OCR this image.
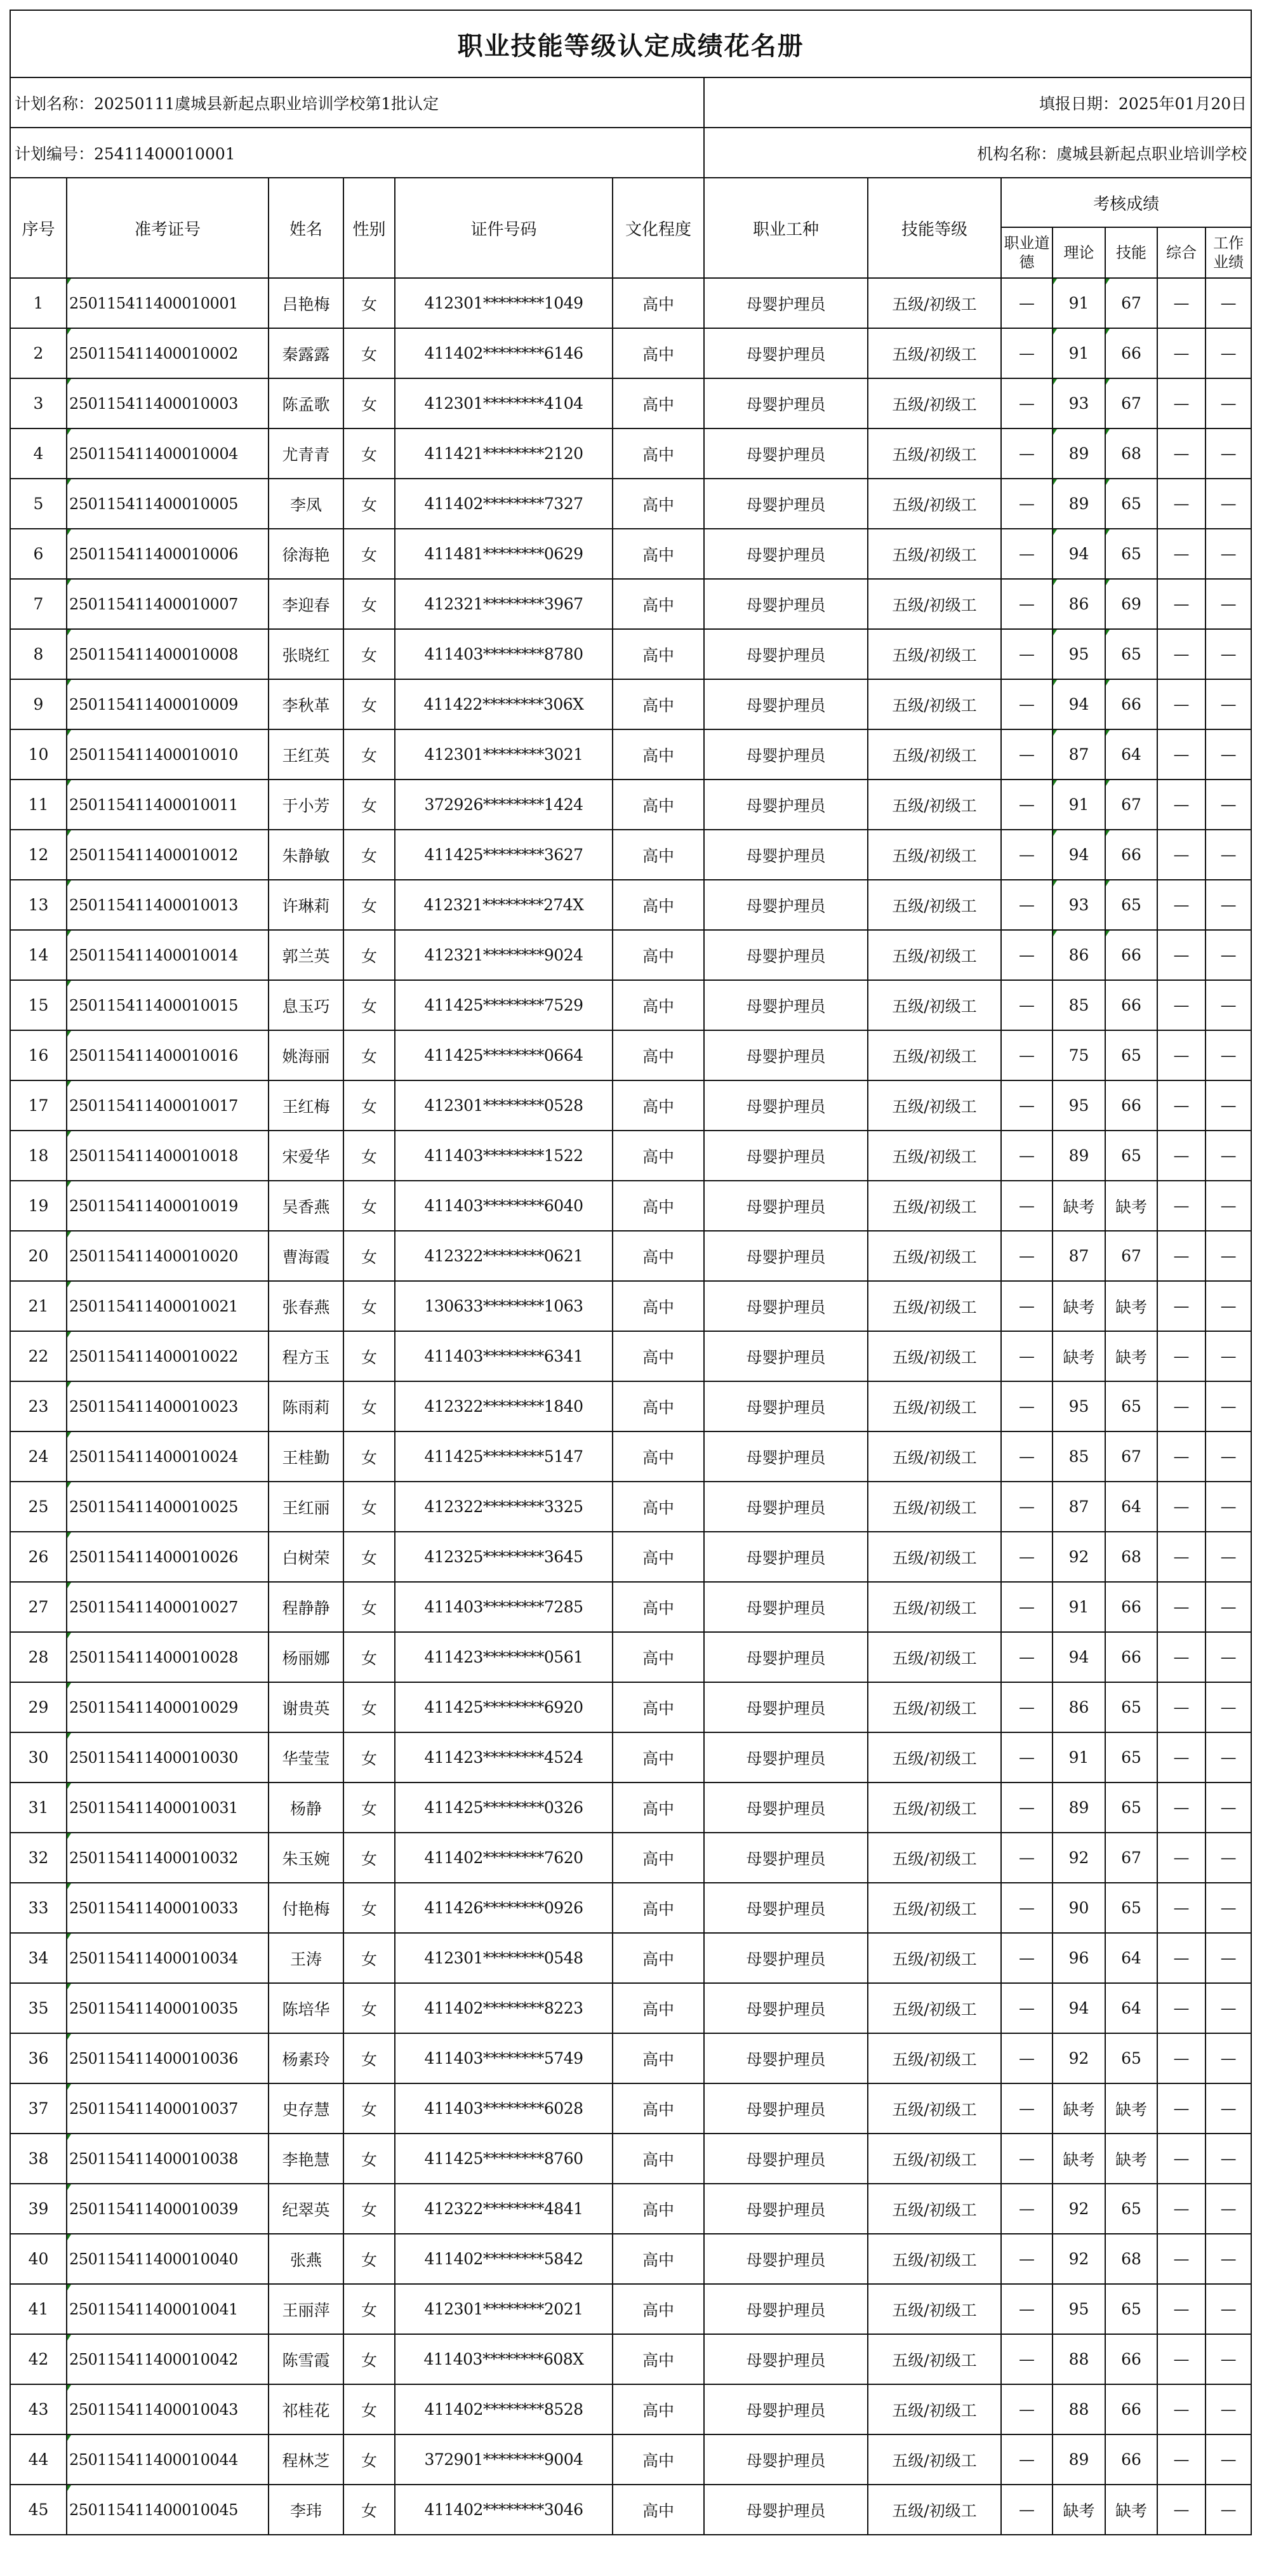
职业技能等级认定成绩花名册												
计划名称：20250111虞城县新起点职业培训学校第1批认定						填报日期：2025年01月20日						
计划编号：25411400010001						机构名称：虞城县新起点职业培训学校						
序号	准考证号	姓名	性别	证件号码	文化程度	职业工种	技能等级	考核成绩				
								职业道德	理论	技能	综合	工作业绩
1	250115411400010001	吕艳梅	女	412301********1049	高中	母婴护理员	五级/初级工	—	91	67	—	—
2	250115411400010002	秦露露	女	411402********6146	高中	母婴护理员	五级/初级工	—	91	66	—	—
3	250115411400010003	陈孟歌	女	412301********4104	高中	母婴护理员	五级/初级工	—	93	67	—	—
4	250115411400010004	尤青青	女	411421********2120	高中	母婴护理员	五级/初级工	—	89	68	—	—
5	250115411400010005	李凤	女	411402********7327	高中	母婴护理员	五级/初级工	—	89	65	—	—
6	250115411400010006	徐海艳	女	411481********0629	高中	母婴护理员	五级/初级工	—	94	65	—	—
7	250115411400010007	李迎春	女	412321********3967	高中	母婴护理员	五级/初级工	—	86	69	—	—
8	250115411400010008	张晓红	女	411403********8780	高中	母婴护理员	五级/初级工	—	95	65	—	—
9	250115411400010009	李秋革	女	411422********306X	高中	母婴护理员	五级/初级工	—	94	66	—	—
10	250115411400010010	王红英	女	412301********3021	高中	母婴护理员	五级/初级工	—	87	64	—	—
11	250115411400010011	于小芳	女	372926********1424	高中	母婴护理员	五级/初级工	—	91	67	—	—
12	250115411400010012	朱静敏	女	411425********3627	高中	母婴护理员	五级/初级工	—	94	66	—	—
13	250115411400010013	许琳莉	女	412321********274X	高中	母婴护理员	五级/初级工	—	93	65	—	—
14	250115411400010014	郭兰英	女	412321********9024	高中	母婴护理员	五级/初级工	—	86	66	—	—
15	250115411400010015	息玉巧	女	411425********7529	高中	母婴护理员	五级/初级工	—	85	66	—	—
16	250115411400010016	姚海丽	女	411425********0664	高中	母婴护理员	五级/初级工	—	75	65	—	—
17	250115411400010017	王红梅	女	412301********0528	高中	母婴护理员	五级/初级工	—	95	66	—	—
18	250115411400010018	宋爱华	女	411403********1522	高中	母婴护理员	五级/初级工	—	89	65	—	—
19	250115411400010019	吴香燕	女	411403********6040	高中	母婴护理员	五级/初级工	—	缺考	缺考	—	—
20	250115411400010020	曹海霞	女	412322********0621	高中	母婴护理员	五级/初级工	—	87	67	—	—
21	250115411400010021	张春燕	女	130633********1063	高中	母婴护理员	五级/初级工	—	缺考	缺考	—	—
22	250115411400010022	程方玉	女	411403********6341	高中	母婴护理员	五级/初级工	—	缺考	缺考	—	—
23	250115411400010023	陈雨莉	女	412322********1840	高中	母婴护理员	五级/初级工	—	95	65	—	—
24	250115411400010024	王桂勤	女	411425********5147	高中	母婴护理员	五级/初级工	—	85	67	—	—
25	250115411400010025	王红丽	女	412322********3325	高中	母婴护理员	五级/初级工	—	87	64	—	—
26	250115411400010026	白树荣	女	412325********3645	高中	母婴护理员	五级/初级工	—	92	68	—	—
27	250115411400010027	程静静	女	411403********7285	高中	母婴护理员	五级/初级工	—	91	66	—	—
28	250115411400010028	杨丽娜	女	411423********0561	高中	母婴护理员	五级/初级工	—	94	66	—	—
29	250115411400010029	谢贵英	女	411425********6920	高中	母婴护理员	五级/初级工	—	86	65	—	—
30	250115411400010030	华莹莹	女	411423********4524	高中	母婴护理员	五级/初级工	—	91	65	—	—
31	250115411400010031	杨静	女	411425********0326	高中	母婴护理员	五级/初级工	—	89	65	—	—
32	250115411400010032	朱玉婉	女	411402********7620	高中	母婴护理员	五级/初级工	—	92	67	—	—
33	250115411400010033	付艳梅	女	411426********0926	高中	母婴护理员	五级/初级工	—	90	65	—	—
34	250115411400010034	王涛	女	412301********0548	高中	母婴护理员	五级/初级工	—	96	64	—	—
35	250115411400010035	陈培华	女	411402********8223	高中	母婴护理员	五级/初级工	—	94	64	—	—
36	250115411400010036	杨素玲	女	411403********5749	高中	母婴护理员	五级/初级工	—	92	65	—	—
37	250115411400010037	史存慧	女	411403********6028	高中	母婴护理员	五级/初级工	—	缺考	缺考	—	—
38	250115411400010038	李艳慧	女	411425********8760	高中	母婴护理员	五级/初级工	—	缺考	缺考	—	—
39	250115411400010039	纪翠英	女	412322********4841	高中	母婴护理员	五级/初级工	—	92	65	—	—
40	250115411400010040	张燕	女	411402********5842	高中	母婴护理员	五级/初级工	—	92	68	—	—
41	250115411400010041	王丽萍	女	412301********2021	高中	母婴护理员	五级/初级工	—	95	65	—	—
42	250115411400010042	陈雪霞	女	411403********608X	高中	母婴护理员	五级/初级工	—	88	66	—	—
43	250115411400010043	祁桂花	女	411402********8528	高中	母婴护理员	五级/初级工	—	88	66	—	—
44	250115411400010044	程林芝	女	372901********9004	高中	母婴护理员	五级/初级工	—	89	66	—	—
45	250115411400010045	李玮	女	411402********3046	高中	母婴护理员	五级/初级工	—	缺考	缺考	—	—
